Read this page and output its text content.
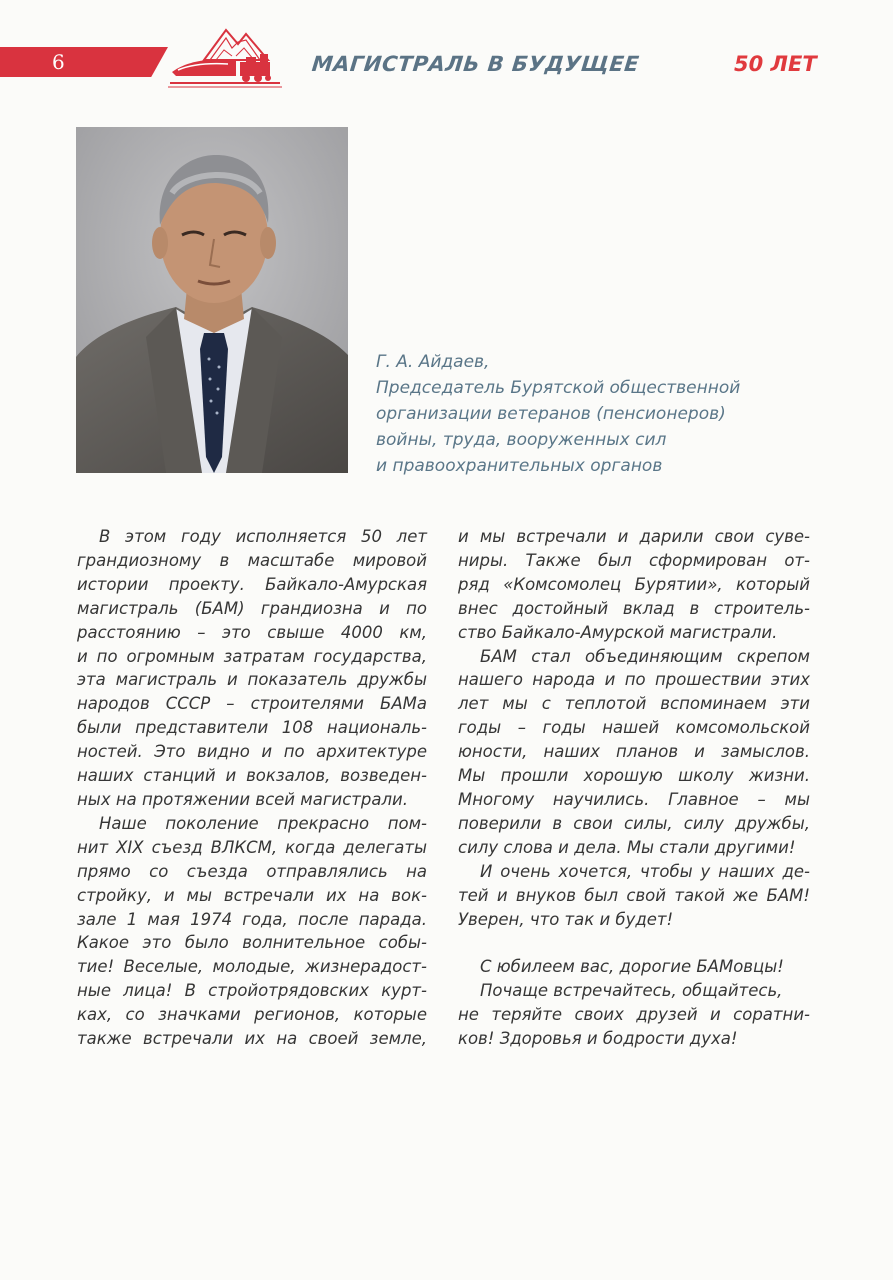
6	МАГИСТРАЛЬ В БУДУЩЕЕ	50 ЛЕТ
Г. А. Айдаев,
Председатель Бурятской общественной
организации ветеранов (пенсионеров)
войны, труда, вооруженных сил
и правоохранительных органов
В этом году исполняется 50 лет
грандиозному в масштабе мировой
истории проекту. Байкало-Амурская
магистраль (БАМ) грандиозна и по
расстоянию – это свыше 4000 км,
и по огромным затратам государства,
эта магистраль и показатель дружбы
народов СССР – строителями БАМа
были представители 108 националь-
ностей. Это видно и по архитектуре
наших станций и вокзалов, возведен-
ных на протяжении всей магистрали.
Наше поколение прекрасно пом-
нит XIX съезд ВЛКСМ, когда делегаты
прямо со съезда отправлялись на
стройку, и мы встречали их на вок-
зале 1 мая 1974 года, после парада.
Какое это было волнительное собы-
тие! Веселые, молодые, жизнерадост-
ные лица! В стройотрядовских курт-
ках, со значками регионов, которые
также встречали их на своей земле,
и мы встречали и дарили свои суве-
ниры. Также был сформирован от-
ряд «Комсомолец Бурятии», который
внес достойный вклад в строитель-
ство Байкало-Амурской магистрали.
БАМ стал объединяющим скрепом
нашего народа и по прошествии этих
лет мы с теплотой вспоминаем эти
годы – годы нашей комсомольской
юности, наших планов и замыслов.
Мы прошли хорошую школу жизни.
Многому научились. Главное – мы
поверили в свои силы, силу дружбы,
силу слова и дела. Мы стали другими!
И очень хочется, чтобы у наших де-
тей и внуков был свой такой же БАМ!
Уверен, что так и будет!
С юбилеем вас, дорогие БАМовцы!
Почаще встречайтесь, общайтесь,
не теряйте своих друзей и соратни-
ков! Здоровья и бодрости духа!
